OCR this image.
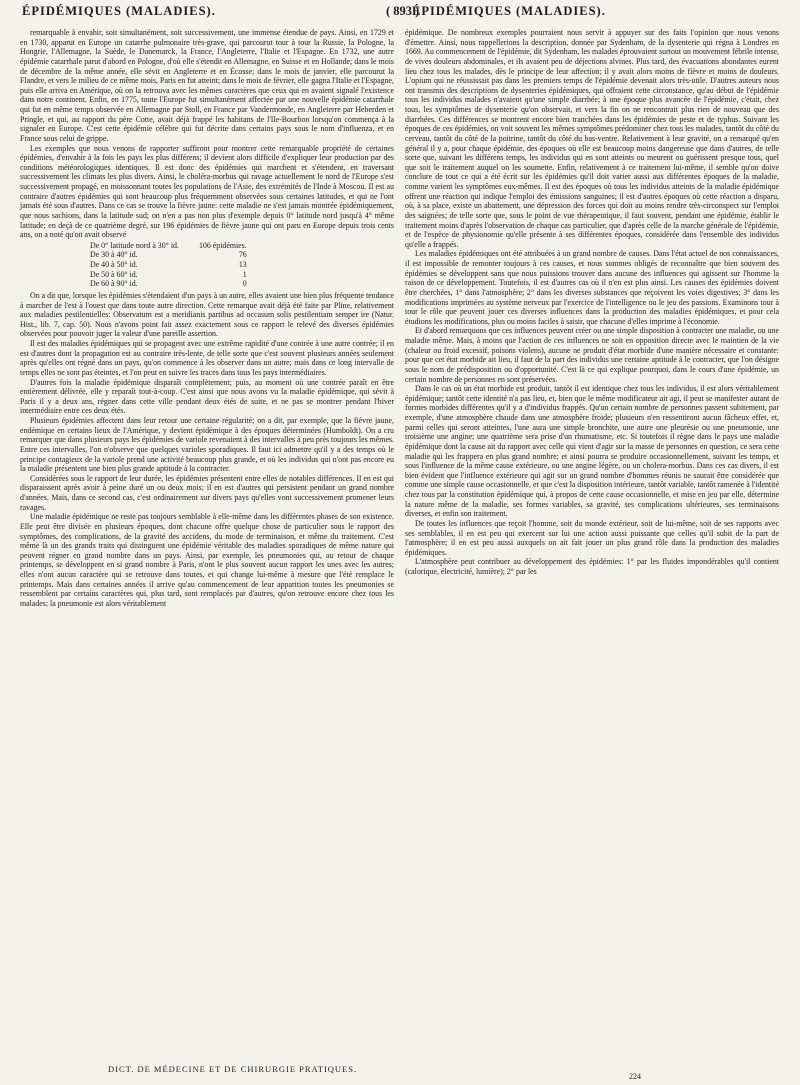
ÉPIDÉMIQUES (MALADIES).	( 893 )
ÉPIDÉMIQUES (MALADIES).

remarquable à envahir, soit simultanément, soit successivement, une immense étendue de pays. Ainsi, en 1729 et en 1730, apparut en Europe un catarrhe pulmonaire très-grave, qui parcourut tour à tour la Russie, la Pologne, la Hongrie, l'Allemagne, la Suède, le Danemarck, la France, l'Angleterre, l'Italie et l'Espagne. En 1732, une autre épidémie catarrhale parut d'abord en Pologne, d'où elle s'étendit en Allemagne, en Suisse et en Hollande; dans le mois de décembre de la même année, elle sévit en Angleterre et en Écosse; dans le mois de janvier, elle parcourut la Flandre, et vers le milieu de ce même mois, Paris en fut atteint; dans le mois de février, elle gagna l'Italie et l'Espagne, puis elle arriva en Amérique, où on la retrouva avec les mêmes caractères que ceux qui en avaient signalé l'existence dans notre continent. Enfin, en 1775, toute l'Europe fut simultanément affectée par une nouvelle épidémie catarrhale qui fut en même temps observée en Allemagne par Stoll, en France par Vandermonde, en Angleterre par Heberden et Pringle, et qui, au rapport du père Cotte, avait déjà frappé les habitans de l'Ile-Bourbon lorsqu'on commença à la signaler en Europe. C'est cette épidémie célèbre qui fut décrite dans certains pays sous le nom d'influenza, et en France sous celui de grippe.

Les exemples que nous venons de rapporter suffiront pour montrer cette remarquable propriété de certaines épidémies, d'envahir à la fois les pays les plus différens; il devient alors difficile d'expliquer leur production par des conditions météorologiques identiques. Il est donc des épidémies qui marchent et s'étendent, en traversant successivement les climats les plus divers. Ainsi, le choléra-morbus qui ravage actuellement le nord de l'Europe s'est successivement propagé, en moissonnant toutes les populations de l'Asie, des extrémités de l'Inde à Moscou. Il est au contraire d'autres épidémies qui sont beaucoup plus fréquemment observées sous certaines latitudes, et qui ne l'ont jamais été sous d'autres. Dans ce cas se trouve la fièvre jaune: cette maladie ne s'est jamais montrée épidémiquement, que nous sachions, dans la latitude sud; on n'en a pas non plus d'exemple depuis 0° latitude nord jusqu'à 4° même latitude; en deçà de ce quatrième degré, sur 196 épidémies de fièvre jaune qui ont paru en Europe depuis trois cents ans, on a noté qu'on avait observé

De 0° latitude nord à 30° id.	106 épidémies.
De 30 à 40° id.	76
De 40 à 50° id.	13
De 50 à 60° id.	1
De 60 à 90° id.	0

On a dit que, lorsque les épidémies s'étendaient d'un pays à un autre, elles avaient une bien plus fréquente tendance à marcher de l'est à l'ouest que dans toute autre direction. Cette remarque avait déjà été faite par Pline, relativement aux maladies pestilentielles: Observatum est a meridianis partibus ad occasum solis pestilentiam semper ire (Natur. Hist., lib. 7, cap. 50). Nous n'avons point fait assez exactement sous ce rapport le relevé des diverses épidémies observées pour pouvoir juger la valeur d'une pareille assertion.

Il est des maladies épidémiques qui se propagent avec une extrême rapidité d'une contrée à une autre contrée; il en est d'autres dont la propagation est au contraire très-lente, de telle sorte que c'est souvent plusieurs années seulement après qu'elles ont régné dans un pays, qu'on commence à les observer dans un autre; mais dans ce long intervalle de temps elles ne sont pas éteintes, et l'on peut en suivre les traces dans tous les pays intermédiaires.

D'autres fois la maladie épidémique disparaît complètement; puis, au moment où une contrée paraît en être entièrement délivrée, elle y reparaît tout-à-coup. C'est ainsi que nous avons vu la maladie épidémique, qui sévit à Paris il y a deux ans, régner dans cette ville pendant deux étés de suite, et ne pas se montrer pendant l'hiver intermédiaire entre ces deux étés.

Plusieurs épidémies affectent dans leur retour une certaine régularité; on a dit, par exemple, que la fièvre jaune, endémique en certains lieux de l'Amérique, y devient épidémique à des époques déterminées (Humboldt). On a cru remarquer que dans plusieurs pays les épidémies de variole revenaient à des intervalles à peu près toujours les mêmes. Entre ces intervalles, l'on n'observe que quelques varioles sporadiques. Il faut ici admettre qu'il y a des temps où le principe contagieux de la variole prend une activité beaucoup plus grande, et où les individus qui n'ont pas encore eu la maladie présentent une bien plus grande aptitude à la contracter.

Considérées sous le rapport de leur durée, les épidémies présentent entre elles de notables différences. Il en est qui disparaissent après avoir à peine duré un ou deux mois; il en est d'autres qui persistent pendant un grand nombre d'années. Mais, dans ce second cas, c'est ordinairement sur divers pays qu'elles vont successivement promener leurs ravages.

Une maladie épidémique ne reste pas toujours semblable à elle-même dans les différentes phases de son existence. Elle peut être divisée en plusieurs époques, dont chacune offre quelque chose de particulier sous le rapport des symptômes, des complications, de la gravité des accidens, du mode de terminaison, et même du traitement. C'est même là un des grands traits qui distinguent une épidémie véritable des maladies sporadiques de même nature qui peuvent régner en grand nombre dans un pays. Ainsi, par exemple, les pneumonies qui, au retour de chaque printemps, se développent en si grand nombre à Paris, n'ont le plus souvent aucun rapport les unes avec les autres; elles n'ont aucun caractère qui se retrouve dans toutes, et qui change lui-même à mesure que l'été remplace le printemps. Mais dans certaines années il arrive qu'au commencement de leur apparition toutes les pneumonies se ressemblent par certains caractères qui, plus tard, sont remplacés par d'autres, qu'on retrouve encore chez tous les malades; la pneumonie est alors véritablement

épidémique. De nombreux exemples pourraient nous servir à appuyer sur des faits l'opinion que nous venons d'émettre. Ainsi, nous rappellerions la description, donnée par Sydenham, de la dysenterie qui régna à Londres en 1669. Au commencement de l'épidémie, dit Sydenham, les malades éprouvaient surtout un mouvement fébrile intense, de vives douleurs abdominales, et ils avaient peu de déjections alvines. Plus tard, des évacuations abondantes eurent lieu chez tous les malades, dès le principe de leur affection; il y avait alors moins de fièvre et moins de douleurs. L'opium qui ne réussissait pas dans les premiers temps de l'épidémie devenait alors très-utile. D'autres auteurs nous ont transmis des descriptions de dysenteries épidémiques, qui offraient cette circonstance, qu'au début de l'épidémie tous les individus malades n'avaient qu'une simple diarrhée; à une époque plus avancée de l'épidémie, c'était, chez tous, les symptômes de dysenterie qu'on observait, et vers la fin on ne rencontrait plus rien de nouveau que des diarrhées. Ces différences se montrent encore bien tranchées dans les épidémies de peste et de typhus. Suivant les époques de ces épidémies, on voit souvent les mêmes symptômes prédominer chez tous les malades, tantôt du côté du cerveau, tantôt du côté de la poitrine, tantôt du côté du bas-ventre. Relativement à leur gravité, on a remarqué qu'en général il y a, pour chaque épidémie, des époques où elle est beaucoup moins dangereuse que dans d'autres, de telle sorte que, suivant les différens temps, les individus qui en sont atteints ou meurent ou guérissent presque tous, quel que soit le traitement auquel on les soumette. Enfin, relativement à ce traitement lui-même, il semble qu'on doive conclure de tout ce qui a été écrit sur les épidémies qu'il doit varier aussi aux différentes époques de la maladie, comme varient les symptômes eux-mêmes. Il est des époques où tous les individus atteints de la maladie épidémique offrent une réaction qui indique l'emploi des émissions sanguines; il est d'autres époques où cette réaction a disparu, où, à sa place, existe un abattement, une dépression des forces qui doit au moins rendre très-circonspect sur l'emploi des saignées; de telle sorte que, sous le point de vue thérapeutique, il faut souvent, pendant une épidémie, établir le traitement moins d'après l'observation de chaque cas particulier, que d'après celle de la marche générale de l'épidémie, et de l'espèce de physionomie qu'elle présente à ses différentes époques, considérée dans l'ensemble des individus qu'elle a frappés.

Les maladies épidémiques ont été attribuées à un grand nombre de causes. Dans l'état actuel de nos connaissances, il est impossible de remonter toujours à ces causes, et nous sommes obligés de reconnaître que bien souvent des épidémies se développent sans que nous puissions trouver dans aucune des influences qui agissent sur l'homme la raison de ce développement. Toutefois, il est d'autres cas où il n'en est plus ainsi. Les causes des épidémies doivent être cherchées, 1° dans l'atmosphère; 2° dans les diverses substances que reçoivent les voies digestives; 3° dans les modifications imprimées au système nerveux par l'exercice de l'intelligence ou le jeu des passions. Examinons tour à tour le rôle que peuvent jouer ces diverses influences dans la production des maladies épidémiques, et pour cela étudions les modifications, plus ou moins faciles à saisir, que chacune d'elles imprime à l'économie.

Et d'abord remarquons que ces influences peuvent créer ou une simple disposition à contracter une maladie, ou une maladie même. Mais, à moins que l'action de ces influences ne soit en opposition directe avec le maintien de la vie (chaleur ou froid excessif, poisons violens), aucune ne produit d'état morbide d'une manière nécessaire et constante: pour que cet état morbide ait lieu, il faut de la part des individus une certaine aptitude à le contracter, que l'on désigne sous le nom de prédisposition ou d'opportunité. C'est là ce qui explique pourquoi, dans le cours d'une épidémie, un certain nombre de personnes en sont préservées.

Dans le cas où un état morbide est produit, tantôt il est identique chez tous les individus, il est alors véritablement épidémique; tantôt cette identité n'a pas lieu, et, bien que le même modificateur ait agi, il peut se manifester autant de formes morbides différentes qu'il y a d'individus frappés. Qu'un certain nombre de personnes passent subitement, par exemple, d'une atmosphère chaude dans une atmosphère froide; plusieurs n'en ressentiront aucun fâcheux effet, et, parmi celles qui seront atteintes, l'une aura une simple bronchite, une autre une pleurésie ou une pneumonie, une troisième une angine; une quatrième sera prise d'un rhumatisme, etc. Si toutefois il règne dans le pays une maladie épidémique dont la cause ait du rapport avec celle qui vient d'agir sur la masse de personnes en question, ce sera cette maladie qui les frappera en plus grand nombre; et ainsi pourra se produire occasionnellement, suivant les temps, et sous l'influence de la même cause extérieure, ou une angine légère, ou un cholera-morbus. Dans ces cas divers, il est bien évident que l'influence extérieure qui agit sur un grand nombre d'hommes réunis ne saurait être considérée que comme une simple cause occasionnelle, et que c'est la disposition intérieure, tantôt variable, tantôt ramenée à l'identité chez tous par la constitution épidémique qui, à propos de cette cause occasionnelle, et mise en jeu par elle, détermine la nature même de la maladie, ses formes variables, sa gravité, ses complications ultérieures, ses terminaisons diverses, et enfin son traitement.

De toutes les influences que reçoit l'homme, soit du monde extérieur, soit de lui-même, soit de ses rapports avec ses semblables, il en est peu qui exercent sur lui une action aussi puissante que celles qu'il subit de la part de l'atmosphère; il en est peu aussi auxquels on ait fait jouer un plus grand rôle dans la production des maladies épidémiques.

L'atmosphère peut contribuer au développement des épidémies: 1° par les fluides impondérables qu'il contient (calorique, électricité, lumière); 2° par les

DICT. DE MÉDECINE ET DE CHIRURGIE PRATIQUES.
224
